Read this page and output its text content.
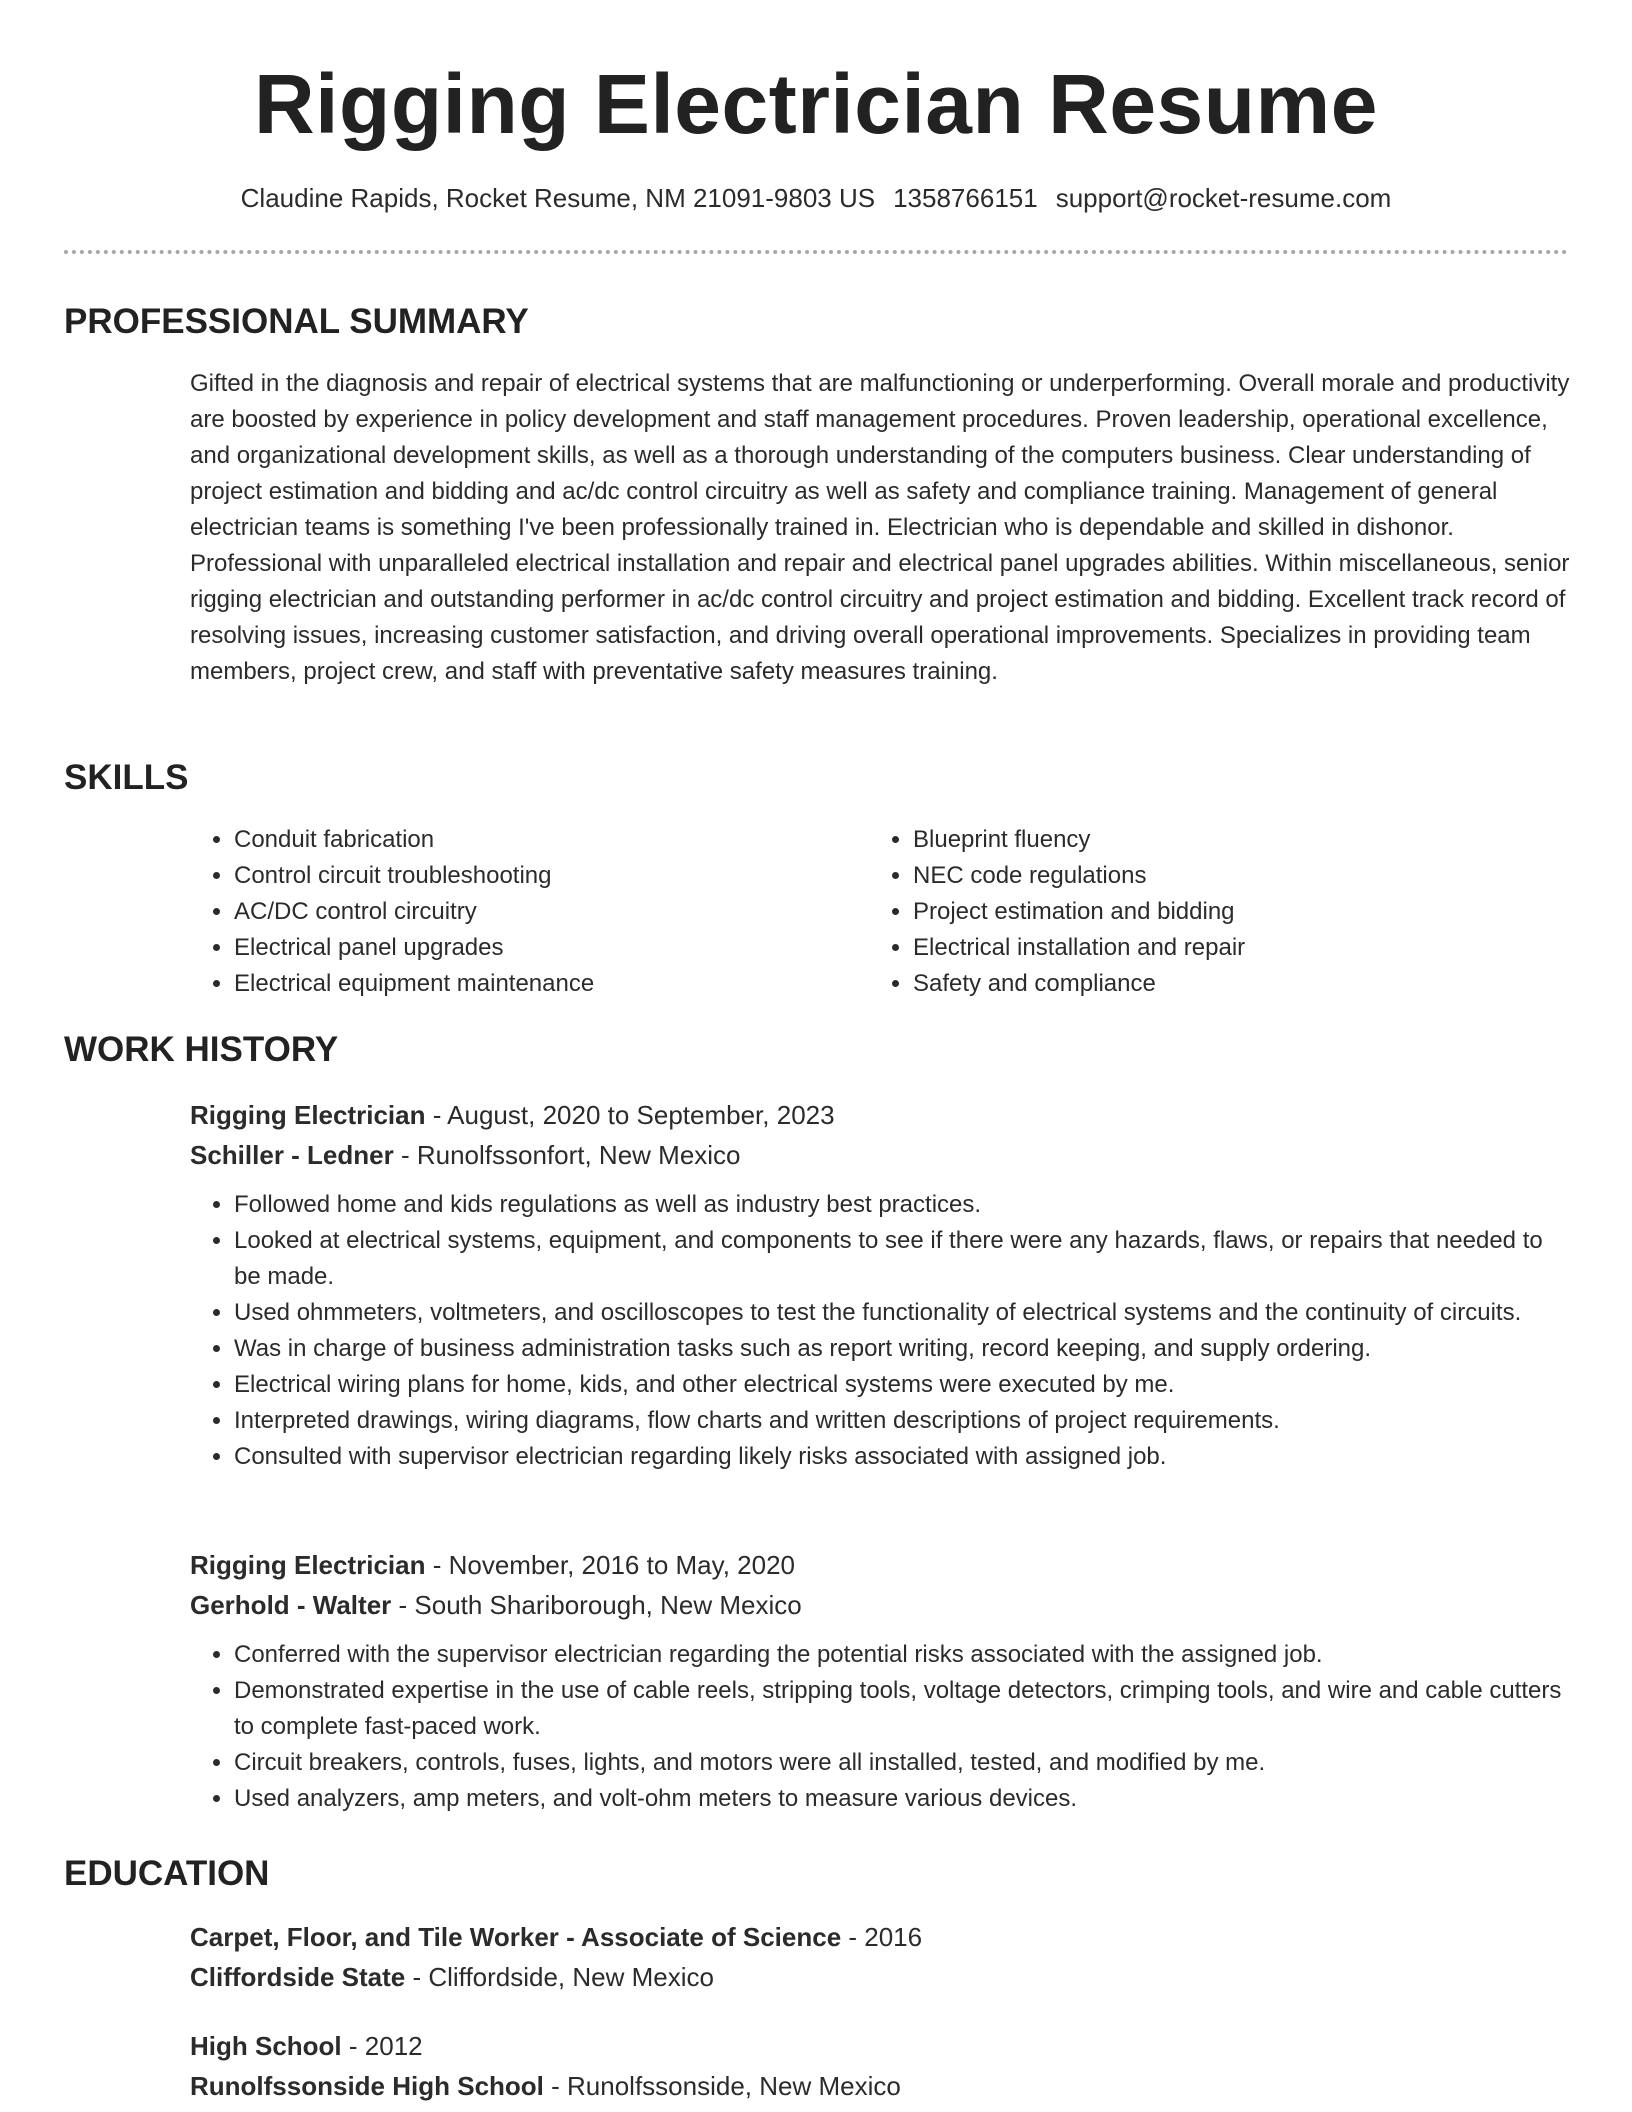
Rigging Electrician Resume
Claudine Rapids, Rocket Resume, NM 21091-9803 US 1358766151 support@rocket-resume.com
PROFESSIONAL SUMMARY
Gifted in the diagnosis and repair of electrical systems that are malfunctioning or underperforming. Overall morale and productivity are boosted by experience in policy development and staff management procedures. Proven leadership, operational excellence, and organizational development skills, as well as a thorough understanding of the computers business. Clear understanding of project estimation and bidding and ac/dc control circuitry as well as safety and compliance training. Management of general electrician teams is something I've been professionally trained in. Electrician who is dependable and skilled in dishonor. Professional with unparalleled electrical installation and repair and electrical panel upgrades abilities. Within miscellaneous, senior rigging electrician and outstanding performer in ac/dc control circuitry and project estimation and bidding. Excellent track record of resolving issues, increasing customer satisfaction, and driving overall operational improvements. Specializes in providing team members, project crew, and staff with preventative safety measures training.
SKILLS
• Conduit fabrication
• Control circuit troubleshooting
• AC/DC control circuitry
• Electrical panel upgrades
• Electrical equipment maintenance
• Blueprint fluency
• NEC code regulations
• Project estimation and bidding
• Electrical installation and repair
• Safety and compliance
WORK HISTORY
Rigging Electrician - August, 2020 to September, 2023
Schiller - Ledner - Runolfssonfort, New Mexico
• Followed home and kids regulations as well as industry best practices.
• Looked at electrical systems, equipment, and components to see if there were any hazards, flaws, or repairs that needed to be made.
• Used ohmmeters, voltmeters, and oscilloscopes to test the functionality of electrical systems and the continuity of circuits.
• Was in charge of business administration tasks such as report writing, record keeping, and supply ordering.
• Electrical wiring plans for home, kids, and other electrical systems were executed by me.
• Interpreted drawings, wiring diagrams, flow charts and written descriptions of project requirements.
• Consulted with supervisor electrician regarding likely risks associated with assigned job.
Rigging Electrician - November, 2016 to May, 2020
Gerhold - Walter - South Shariborough, New Mexico
• Conferred with the supervisor electrician regarding the potential risks associated with the assigned job.
• Demonstrated expertise in the use of cable reels, stripping tools, voltage detectors, crimping tools, and wire and cable cutters to complete fast-paced work.
• Circuit breakers, controls, fuses, lights, and motors were all installed, tested, and modified by me.
• Used analyzers, amp meters, and volt-ohm meters to measure various devices.
EDUCATION
Carpet, Floor, and Tile Worker - Associate of Science - 2016
Cliffordside State - Cliffordside, New Mexico
High School - 2012
Runolfssonside High School - Runolfssonside, New Mexico
